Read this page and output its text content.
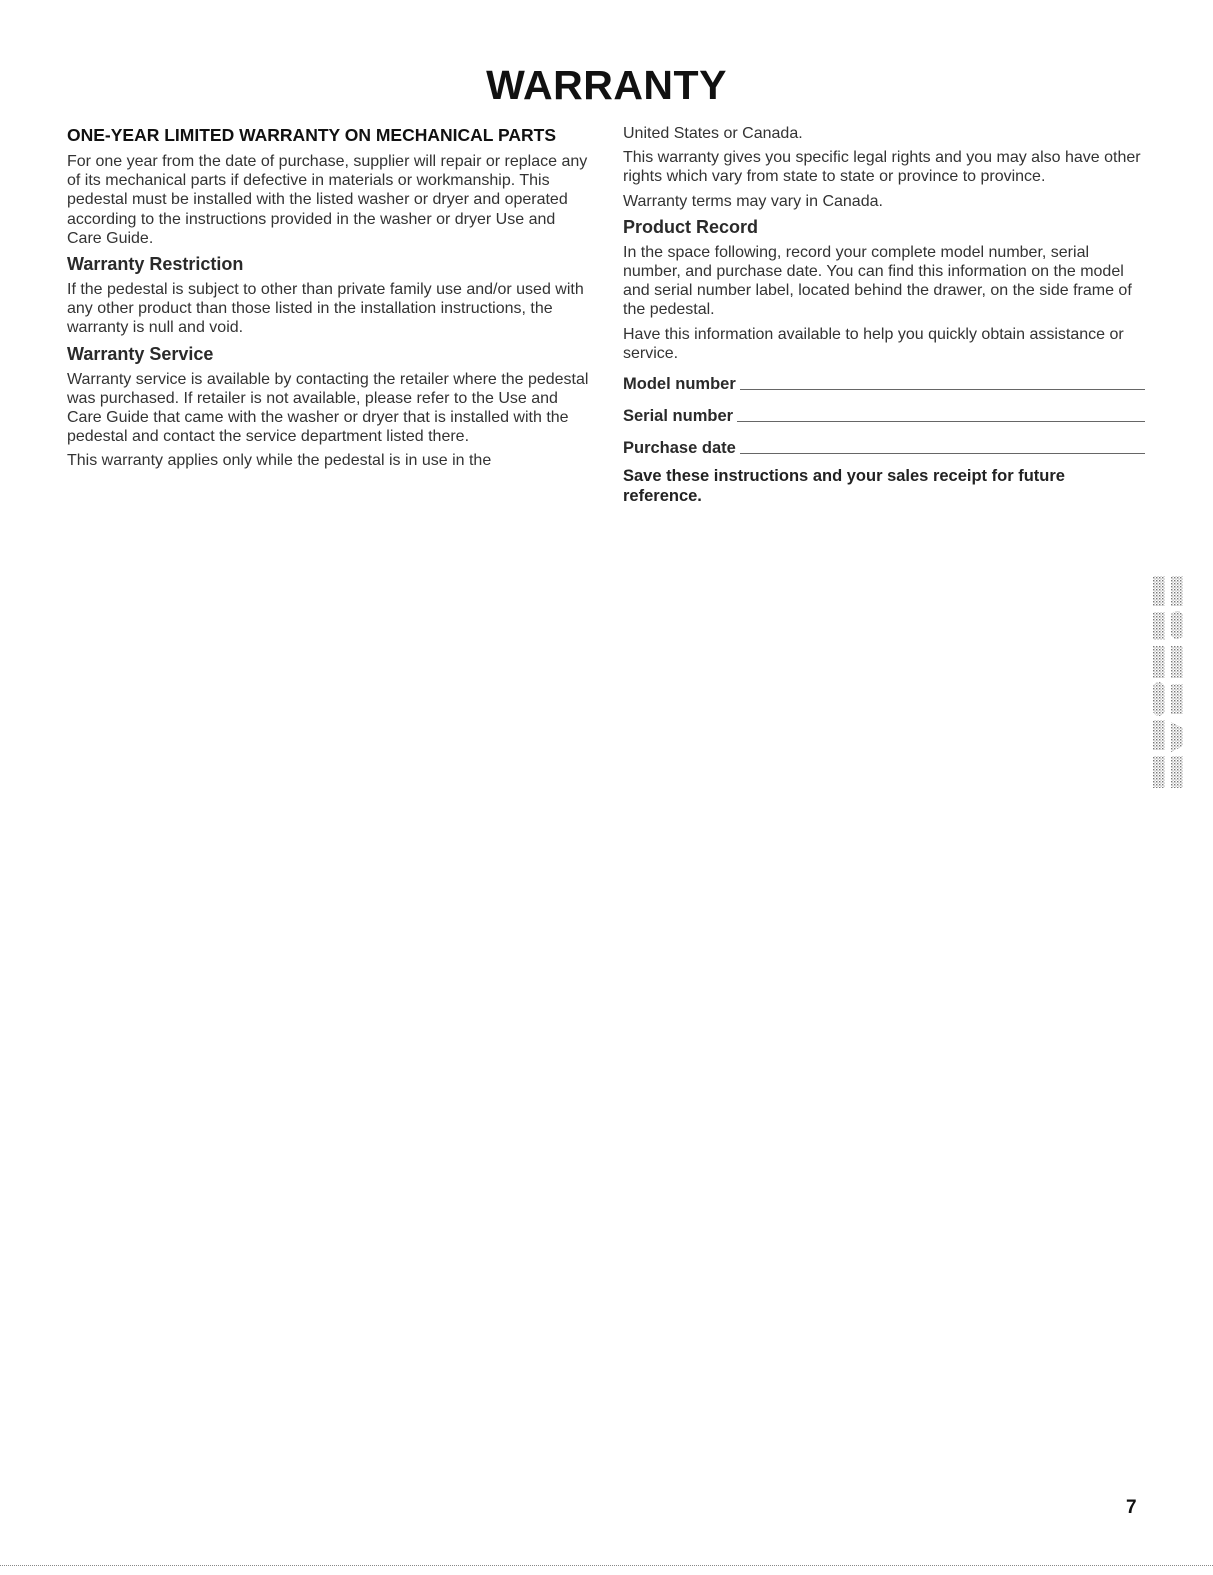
WARRANTY
ONE-YEAR LIMITED WARRANTY ON MECHANICAL PARTS

For one year from the date of purchase, supplier will repair or replace any of its mechanical parts if defective in materials or workmanship. This pedestal must be installed with the listed washer or dryer and operated according to the instructions provided in the washer or dryer Use and Care Guide.

Warranty Restriction

If the pedestal is subject to other than private family use and/or used with any other product than those listed in the installation instructions, the warranty is null and void.

Warranty Service

Warranty service is available by contacting the retailer where the pedestal was purchased. If retailer is not available, please refer to the Use and Care Guide that came with the washer or dryer that is installed with the pedestal and contact the service department listed there.

This warranty applies only while the pedestal is in use in the

United States or Canada.

This warranty gives you specific legal rights and you may also have other rights which vary from state to state or province to province.

Warranty terms may vary in Canada.

Product Record

In the space following, record your complete model number, serial number, and purchase date. You can find this information on the model and serial number label, located behind the drawer, on the side frame of the pedestal.

Have this information available to help you quickly obtain assistance or service.

Model number
Serial number
Purchase date

Save these instructions and your sales receipt for future reference.

7
